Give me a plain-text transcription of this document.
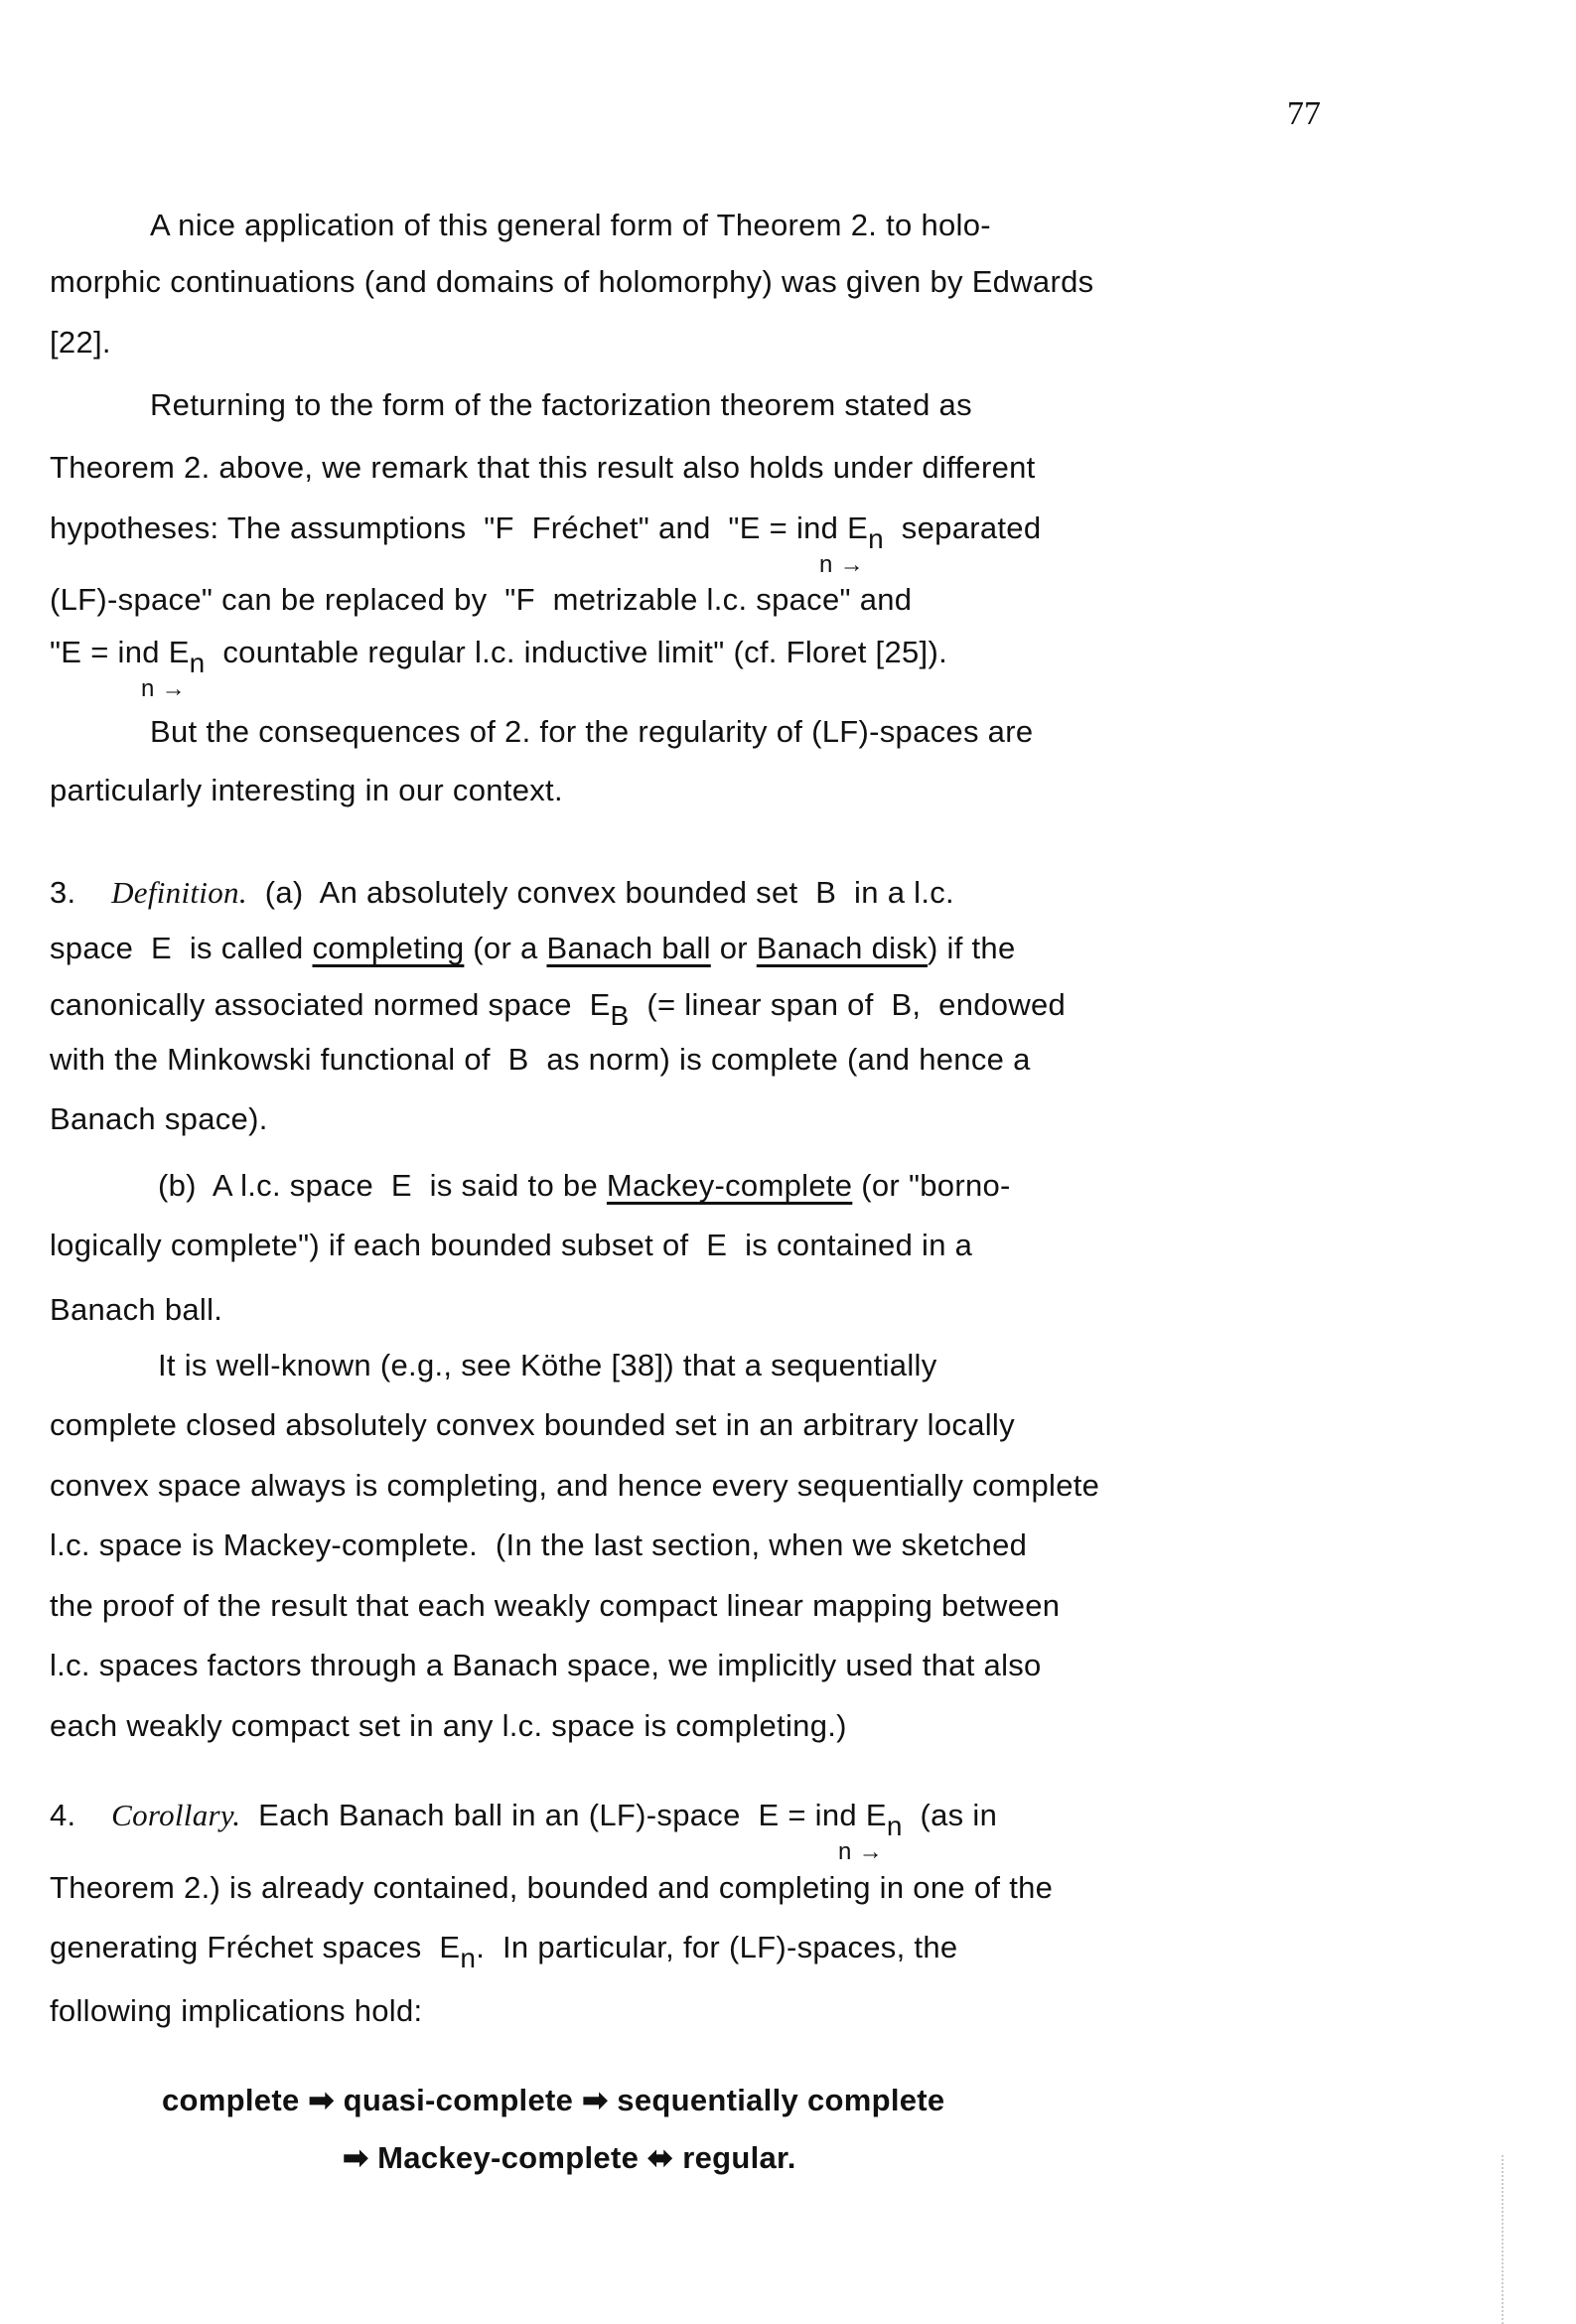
77
A nice application of this general form of Theorem 2. to holo-
morphic continuations (and domains of holomorphy) was given by Edwards
[22].
Returning to the form of the factorization theorem stated as
Theorem 2. above, we remark that this result also holds under different
hypotheses: The assumptions  "F  Fréchet" and  "E = ind En
n →
separated
(LF)-space" can be replaced by  "F  metrizable l.c. space" and
"E = ind En
n →
countable regular l.c. inductive limit" (cf. Floret [25]).
But the consequences of 2. for the regularity of (LF)-spaces are
particularly interesting in our context.
3.    Definition.  (a)  An absolutely convex bounded set  B  in a l.c.
space  E  is called completing (or a Banach ball or Banach disk) if the
canonically associated normed space  EB  (= linear span of  B,  endowed
with the Minkowski functional of  B  as norm) is complete (and hence a
Banach space).
(b)  A l.c. space  E  is said to be Mackey-complete (or "borno-
logically complete") if each bounded subset of  E  is contained in a
Banach ball.
It is well-known (e.g., see Köthe [38]) that a sequentially
complete closed absolutely convex bounded set in an arbitrary locally
convex space always is completing, and hence every sequentially complete
l.c. space is Mackey-complete.  (In the last section, when we sketched
the proof of the result that each weakly compact linear mapping between
l.c. spaces factors through a Banach space, we implicitly used that also
each weakly compact set in any l.c. space is completing.)
4.    Corollary.  Each Banach ball in an (LF)-space  E = ind En
n →
(as in
Theorem 2.) is already contained, bounded and completing in one of the
generating Fréchet spaces  En.  In particular, for (LF)-spaces, the
following implications hold:
complete ➡ quasi-complete ➡ sequentially complete
➡ Mackey-complete ⬌ regular.
